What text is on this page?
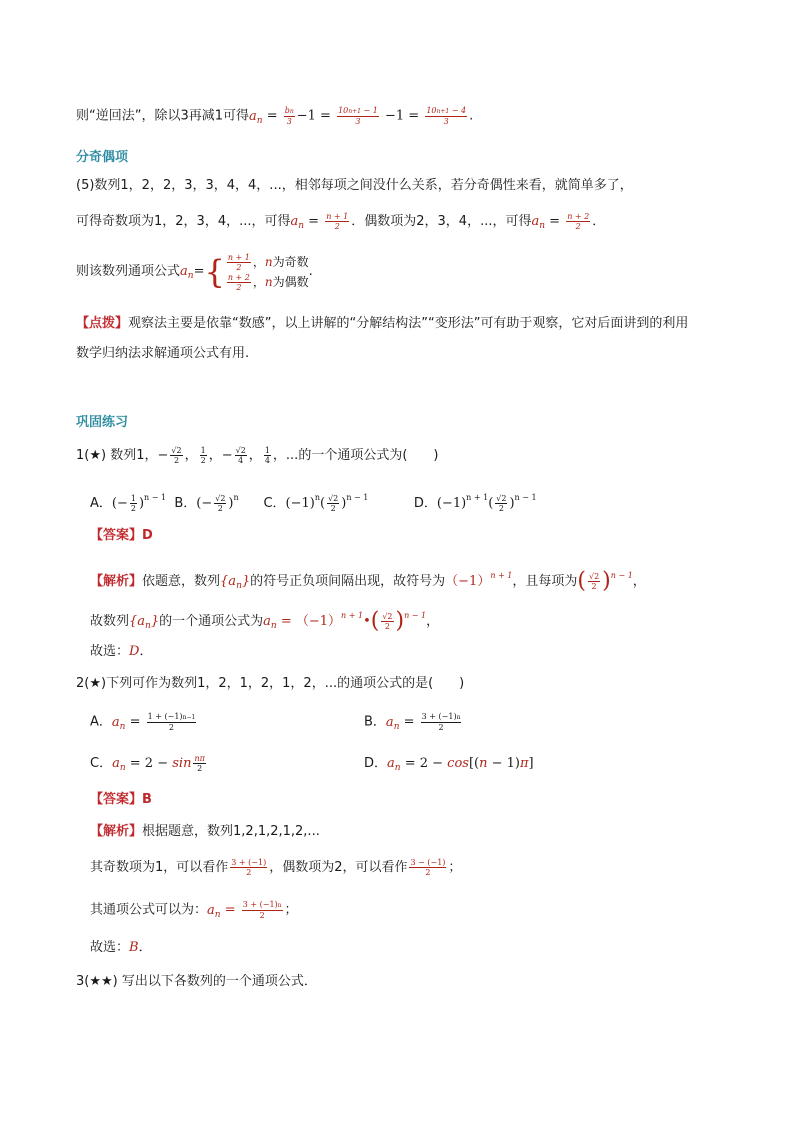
则“逆回法”，除以3再减1可得$a_n = \frac{bn}{3} -1 = \frac{10n+1 - 1}{3} -1 = \frac{10n+1 - 4}{3}$ .
分奇偶项
(5)数列1，2，2，3，3，4，4，...，相邻每项之间没什么关系，若分奇偶性来看，就简单多了，
可得奇数项为1，2，3，4，...，可得$a_n = \frac{n + 1}{2}$ ．偶数项为2，3，4，...，可得$a_n = \frac{n + 2}{2}$ ．
则该数列通项公式$a_n=\{ \frac{n + 1}{2}$ ，n为奇数
$\frac{n + 2}{2}$ ，n为偶数
.
【点拨】观察法主要是依靠“数感”，以上讲解的“分解结构法”“变形法”可有助于观察，它对后面讲到的利用
数学归纳法求解通项公式有用.
巩固练习
1(★) 数列1，− $\frac{√2}{2}$ ， $\frac{1}{2}$ ，− $\frac{√2}{4}$ ， $\frac{1}{4}$ ，...的一个通项公式为(　　)
A．(− $\frac{1}{2} )^{n - 1}$ B．(− $\frac{√2}{2} )^n$ C．$(-1)^n( \frac{√2}{2} )^{n - 1}$	D．$(-1)^{n + 1}( \frac{√2}{2} )^{n - 1}$
【答案】D
【解析】依题意，数列$\{a_n\}$的符号正负项间隔出现，故符号为$(-1)^{n + 1}$，且每项为( $\frac{√2}{2} )^{n - 1}$，
故数列$\{a_n\}$的一个通项公式为$a_n$ = $(-1)^{n + 1}•( \frac{√2}{2} )^{n - 1}$，
故选：D．
2(★)下列可作为数列1，2，1，2，1，2，...的通项公式的是(　　)
A．$a_n = \frac{1 + (-1)n-1}{2}$	B．$a_n = \frac{3 + (-1)n}{2}$
C．$a_n = 2 - \sin \frac{n\pi}{2}$	D．$a_n = 2 - \cos[(n - 1)\pi]$
【答案】B
【解析】根据题意，数列1,2,1,2,1,2,...
其奇数项为1，可以看作 $\frac{3 + (-1)}{2}$ ，偶数项为2，可以看作 $\frac{3 - (-1)}{2}$ ；
其通项公式可以为：$a_n = \frac{3 + (-1)n}{2}$ ；
故选：B．
3(★★) 写出以下各数列的一个通项公式．
